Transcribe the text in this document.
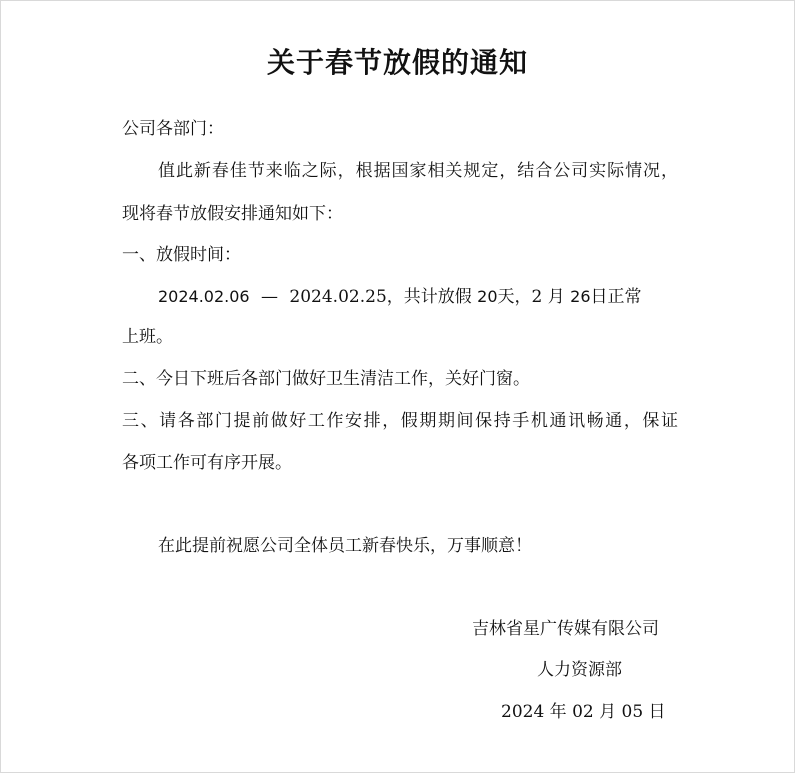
关于春节放假的通知
公司各部门：
值此新春佳节来临之际，根据国家相关规定，结合公司实际情况，
现将春节放假安排通知如下：
一、放假时间：
2024.02.06 — 2024.02.25，共计放假 20天，2 月 26日正常
上班。
二、今日下班后各部门做好卫生清洁工作，关好门窗。
三、请各部门提前做好工作安排，假期期间保持手机通讯畅通，保证
各项工作可有序开展。
在此提前祝愿公司全体员工新春快乐，万事顺意！
吉林省星广传媒有限公司
人力资源部
2024 年 02 月 05 日
